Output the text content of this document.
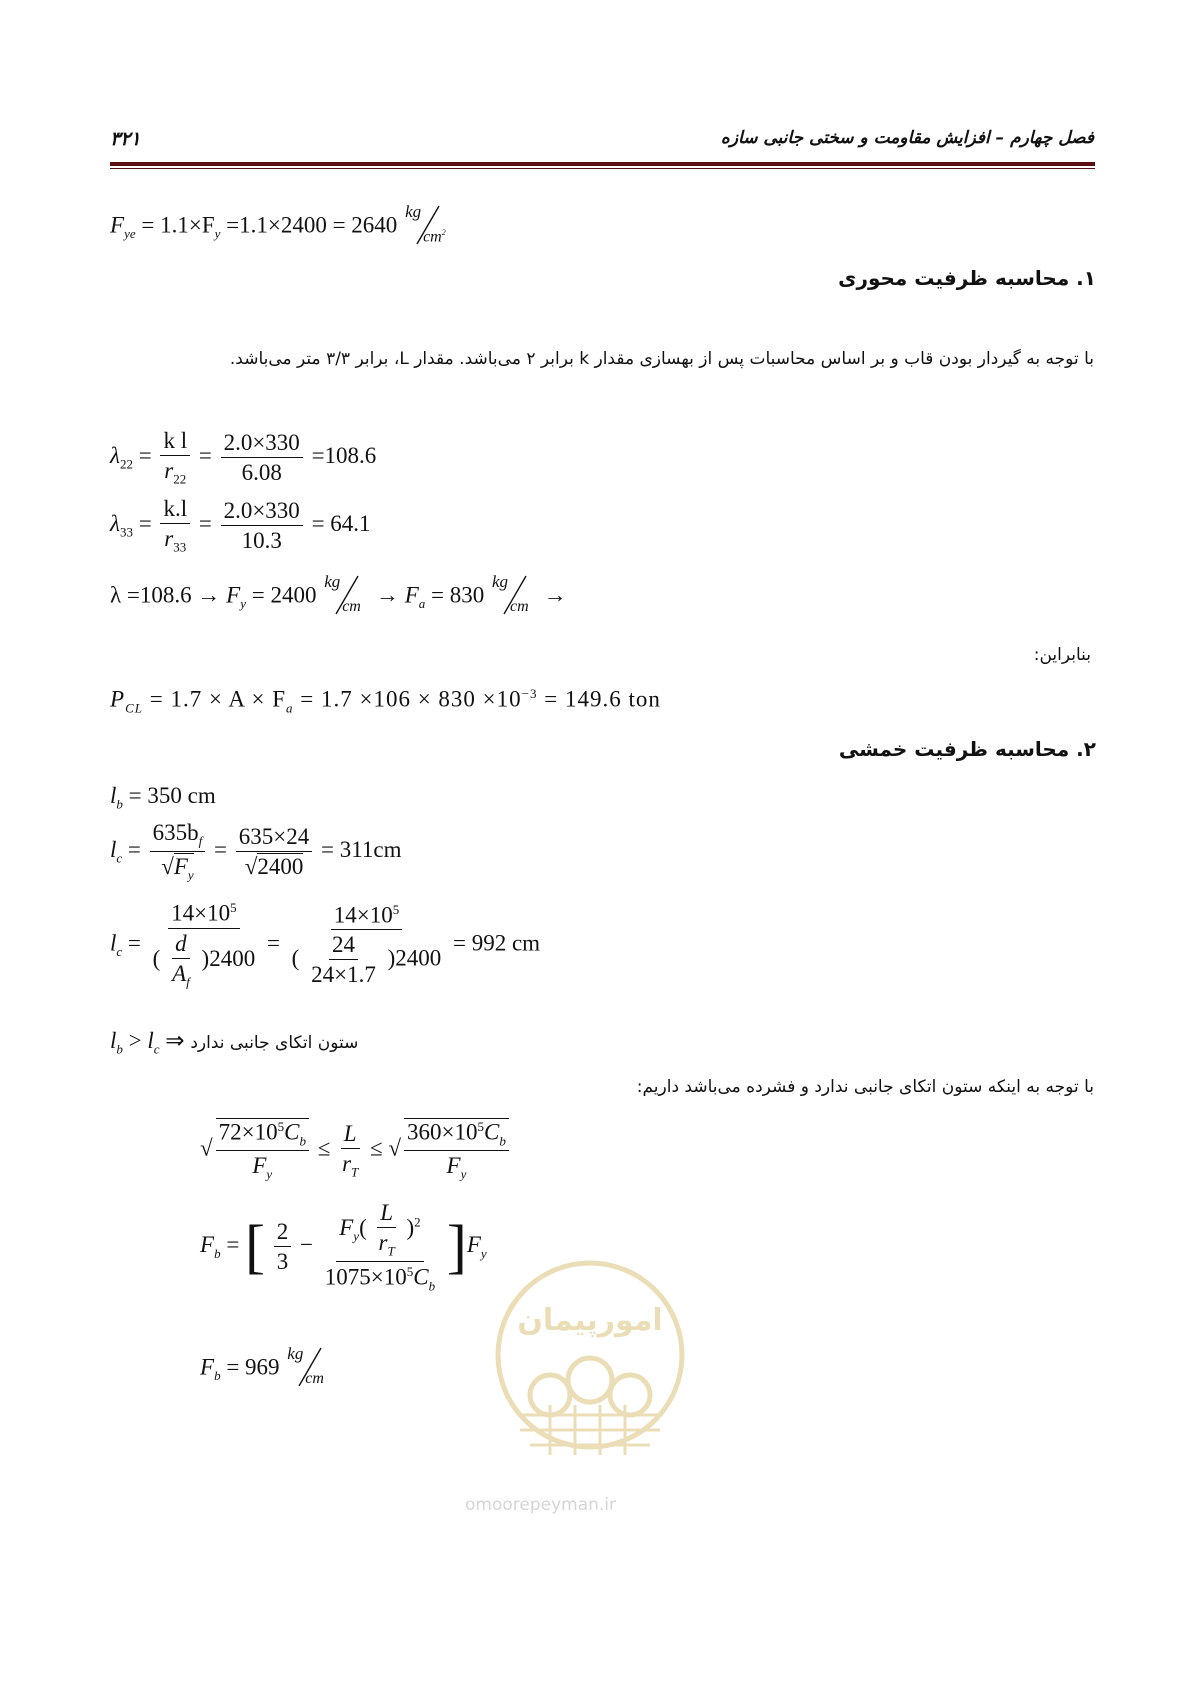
فصل چهارم – افزایش مقاومت و سختی جانبی سازه
۳۲۱
$F_{ye} = 1.1\times F_y =1.1\times 2400 = 2640$
kg
$cm^2$
۱. محاسبه ظرفیت محوری
با توجه به گیردار بودن قاب و بر اساس محاسبات پس از بهسازی مقدار k برابر ۲ می‌باشد. مقدار L، برابر ۳/۳ متر می‌باشد.
$\lambda_{22} = \frac{\text{k l}}{r_{22}} = \frac{2.0\times 330}{6.08} =108.6$
$\lambda_{33} = \frac{k.l}{r_{33}} = \frac{2.0\times 330}{10.3} = 64.1$
$\lambda =108.6 \to F_y = 2400$
kg
cm → $F_a = 830$
kg
cm →
بنابراین:
$P_{CL} = 1.7 \times A \times F_a = 1.7 \times 106 \times 830 \times 10^{-3} = 149.6$ ton
۲. محاسبه ظرفیت خمشی
$l_b = 350$ cm
$l_c = \frac{635b_f}{√F_y} = \frac{635\times 24}{√2400} = 311cm$
$l_c = \frac{14\times 10^5}{( \frac{d}{A_f} )2400} = \frac{14\times 10^5}{( \frac{24}{24\times 1.7} )2400} = 992$ cm
$l_b > l_c$ ⇒ ستون اتکای جانبی ندارد
با توجه به اینکه ستون اتکای جانبی ندارد و فشرده می‌باشد داریم:
√ $\frac{72\times 10^5C_b}{F_y} \le \frac{L}{r_T}$ ≤ √ $\frac{360\times 10^5C_b}{F_y}$
$F_b$ = [ $\frac{2}{3} - \frac{F_y( \frac{L}{r_T} )^2}{1075\times 10^5C_b} ]F_y$
$F_b = 969$
kg
cm
امورپیمان
omoorepeyman.ir
